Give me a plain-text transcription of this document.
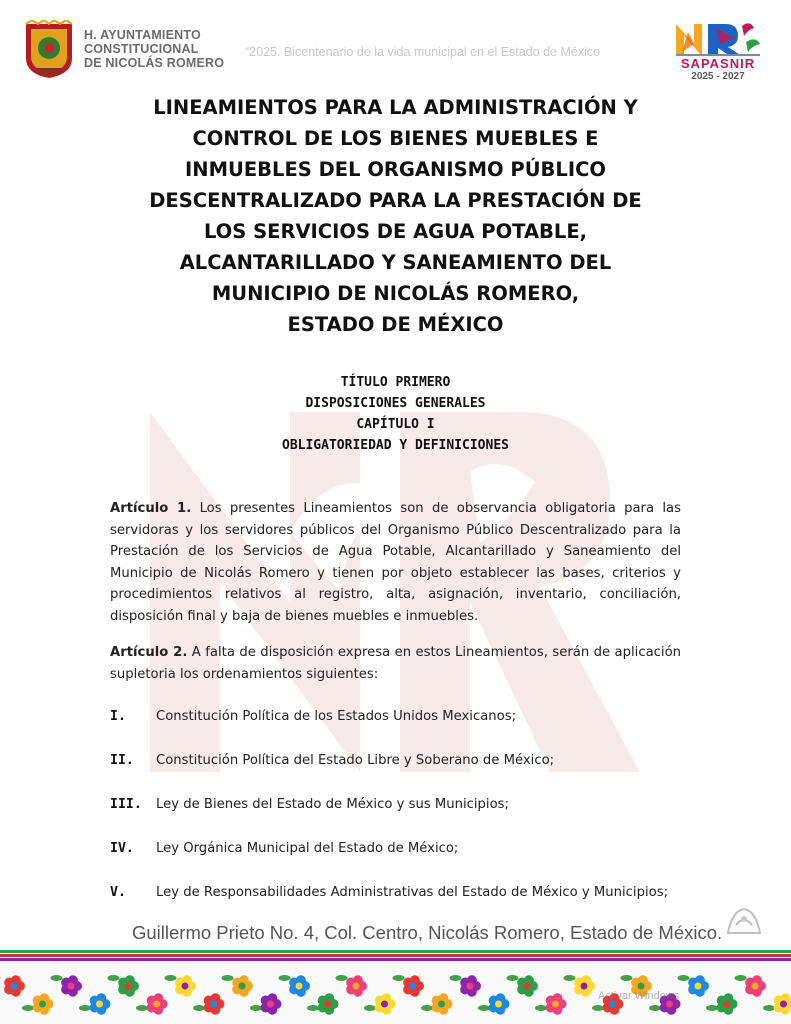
H. AYUNTAMIENTO
CONSTITUCIONAL
DE NICOLÁS ROMERO
“2025. Bicentenario de la vida municipal en el Estado de México
SAPASNIR
2025 - 2027
LINEAMIENTOS PARA LA ADMINISTRACIÓN Y
CONTROL DE LOS BIENES MUEBLES E
INMUEBLES DEL ORGANISMO PÚBLICO
DESCENTRALIZADO PARA LA PRESTACIÓN DE
LOS SERVICIOS DE AGUA POTABLE,
ALCANTARILLADO Y SANEAMIENTO DEL
MUNICIPIO DE NICOLÁS ROMERO,
ESTADO DE MÉXICO
TÍTULO PRIMERO
DISPOSICIONES GENERALES
CAPÍTULO I
OBLIGATORIEDAD Y DEFINICIONES

Artículo 1. Los presentes Lineamientos son de observancia obligatoria para las servidoras y los servidores públicos del Organismo Público Descentralizado para la Prestación de los Servicios de Agua Potable, Alcantarillado y Saneamiento del Municipio de Nicolás Romero y tienen por objeto establecer las bases, criterios y procedimientos relativos al registro, alta, asignación, inventario, conciliación, disposición final y baja de bienes muebles e inmuebles.

Artículo 2. A falta de disposición expresa en estos Lineamientos, serán de aplicación supletoria los ordenamientos siguientes:

I.	Constitución Política de los Estados Unidos Mexicanos;
II.	Constitución Política del Estado Libre y Soberano de México;
III.	Ley de Bienes del Estado de México y sus Municipios;
IV.	Ley Orgánica Municipal del Estado de México;
V.	Ley de Responsabilidades Administrativas del Estado de México y Municipios;
Guillermo Prieto No. 4, Col. Centro, Nicolás Romero, Estado de México.
Activar Windows
